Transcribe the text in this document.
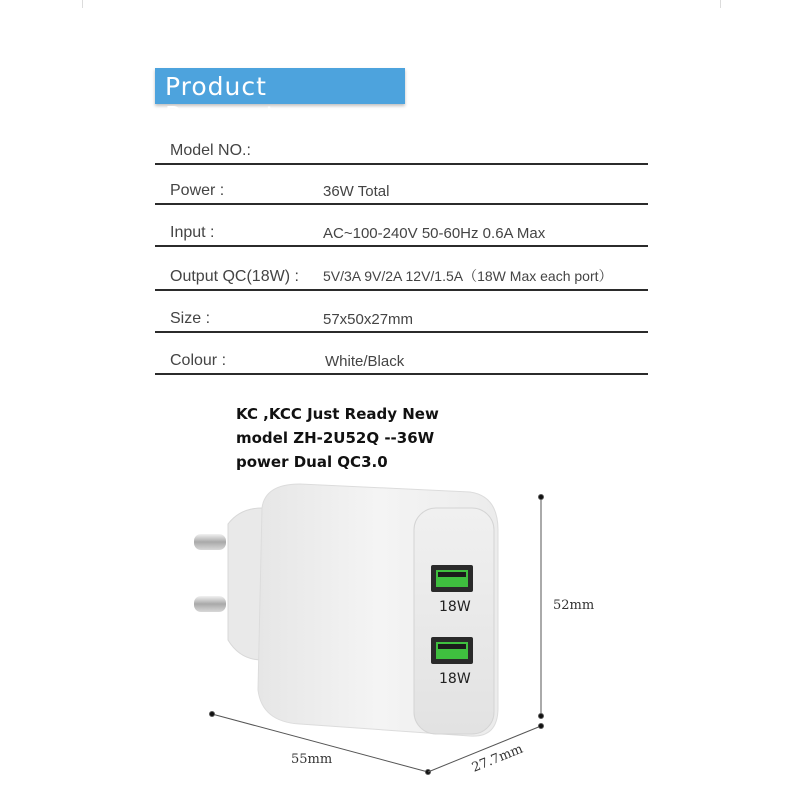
Product Parameters
Model NO.:
Power :	36W Total
Input :	AC~100-240V 50-60Hz 0.6A Max
Output QC(18W) : 5V/3A 9V/2A 12V/1.5A（18W Max each port）
Size :	57x50x27mm
Colour :	White/Black
KC ,KCC Just Ready New
model ZH-2U52Q --36W
power Dual QC3.0
18W
18W
52mm
55mm	27.7mm
